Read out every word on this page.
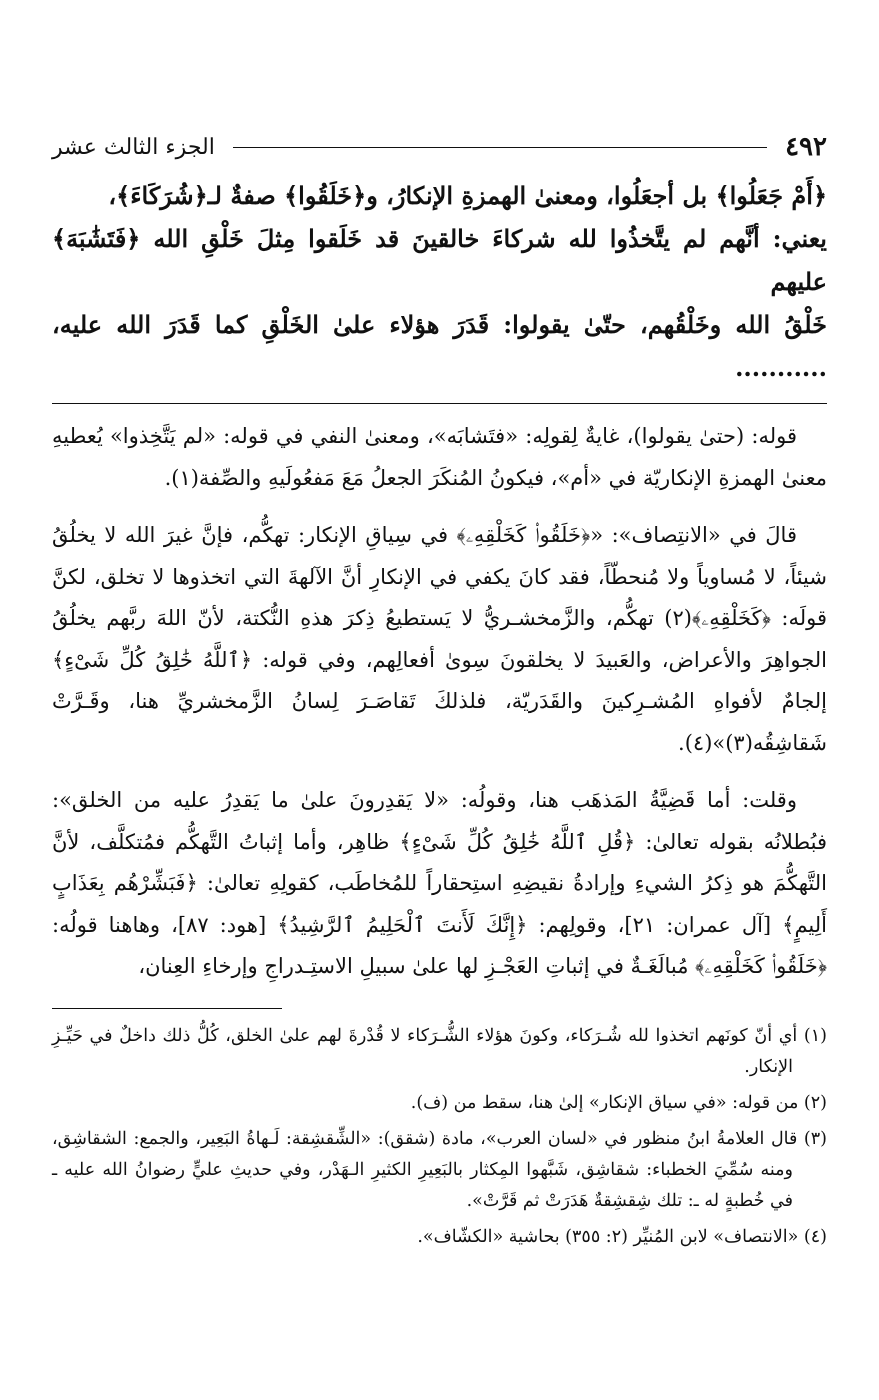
٤٩٢
الجزء الثالث عشر

﴿أَمْ جَعَلُوا﴾ بل أجعَلُوا، ومعنىٰ الهمزةِ الإنكارُ، و﴿خَلَقُوا﴾ صفةٌ لـ﴿شُرَكَاءَ﴾،

يعني: أنَّهم لم يتَّخذُوا لله شركاءَ خالقينَ قد خَلَقوا مِثلَ خَلْقِ الله ﴿فَتَشَٰبَهَ﴾ عليهم

خَلْقُ الله وخَلْقُهم، حتّىٰ يقولوا: قَدَرَ هؤلاء علىٰ الخَلْقِ كما قَدَرَ الله عليه، ...........

قوله: (حتىٰ يقولوا)، غايةٌ لِقولِه: «فتَشابَه»، ومعنىٰ النفي في قوله: «لم يَتَّخِذوا» يُعطيهِ معنىٰ الهمزةِ الإنكاريّة في «أم»، فيكونُ المُنكَرَ الجعلُ مَعَ مَفعُولَيهِ والصِّفة(١).

قالَ في «الانتِصاف»: «﴿خَلَقُوا۟ كَخَلْقِهِۦ﴾ في سِياقِ الإنكار: تهكُّم، فإنَّ غيرَ الله لا يخلُقُ شيئاً، لا مُساوياً ولا مُنحطّاً، فقد كانَ يكفي في الإنكارِ أنَّ الآلهةَ التي اتخذوها لا تخلق، لكنَّ قولَه: ﴿كَخَلْقِهِۦ﴾(٢) تهكُّم، والزَّمخشـريُّ لا يَستطيعُ ذِكرَ هذهِ النُّكتة، لأنّ اللهَ ربَّهم يخلُقُ الجواهِرَ والأعراض، والعَبيدَ لا يخلقونَ سِوىٰ أفعالِهم، وفي قوله: ﴿ٱللَّهُ خَٰلِقُ كُلِّ شَىْءٍ﴾ إلجامٌ لأفواهِ المُشـرِكينَ والقَدَريّة، فلذلكَ تَقاصَـرَ لِسانُ الزَّمخشريِّ هنا، وقَـرَّتْ شَقاشِقُه(٣)»(٤).

وقلت: أما قَضِيَّةُ المَذهَب هنا، وقولُه: «لا يَقدِرونَ علىٰ ما يَقدِرُ عليه من الخلق»: فبُطلانُه بقوله تعالىٰ: ﴿قُلِ ٱللَّهُ خَٰلِقُ كُلِّ شَىْءٍ﴾ ظاهِر، وأما إثباتُ التَّهكُّم فمُتكلَّف، لأنَّ التَّهكُّمَ هو ذِكرُ الشيءِ وإرادةُ نقيضِهِ استِحقاراً للمُخاطَب، كقولِهِ تعالىٰ: ﴿فَبَشِّرْهُم بِعَذَابٍ أَلِيمٍ﴾ [آل عمران: ٢١]، وقولِهم: ﴿إِنَّكَ لَأَنتَ ٱلْحَلِيمُ ٱلرَّشِيدُ﴾ [هود: ٨٧]، وهاهنا قولُه: ﴿خَلَقُوا۟ كَخَلْقِهِۦ﴾ مُبالَغَـةٌ في إثباتِ العَجْـزِ لها علىٰ سبيلِ الاستِـدراجِ وإرخاءِ العِنان،

(١) أي أنّ كونَهم اتخذوا لله شُـرَكاء، وكونَ هؤلاء الشُّـرَكاء لا قُدْرةَ لهم علىٰ الخلق، كُلُّ ذلك داخلٌ في حَيِّـزِ الإنكار.

(٢) من قوله: «في سياق الإنكار» إلىٰ هنا، سقط من (ف).

(٣) قال العلامةُ ابنُ منظور في «لسان العرب»، مادة (شقق): «الشِّقشِقة: لَـهاةُ البَعِير، والجمع: الشقاشِق، ومنه سُمِّيَ الخطباء: شقاشِق، شَبَّهوا المِكثار بالبَعِيرِ الكثيرِ الـهَدْر، وفي حديثِ عليٍّ رضوانُ الله عليه ـ في خُطبةٍ له ـ: تلك شِقشِقةٌ هَدَرَتْ ثم قَرَّتْ».

(٤) «الانتصاف» لابن المُنيِّر (٢: ٣٥٥) بحاشية «الكشّاف».
